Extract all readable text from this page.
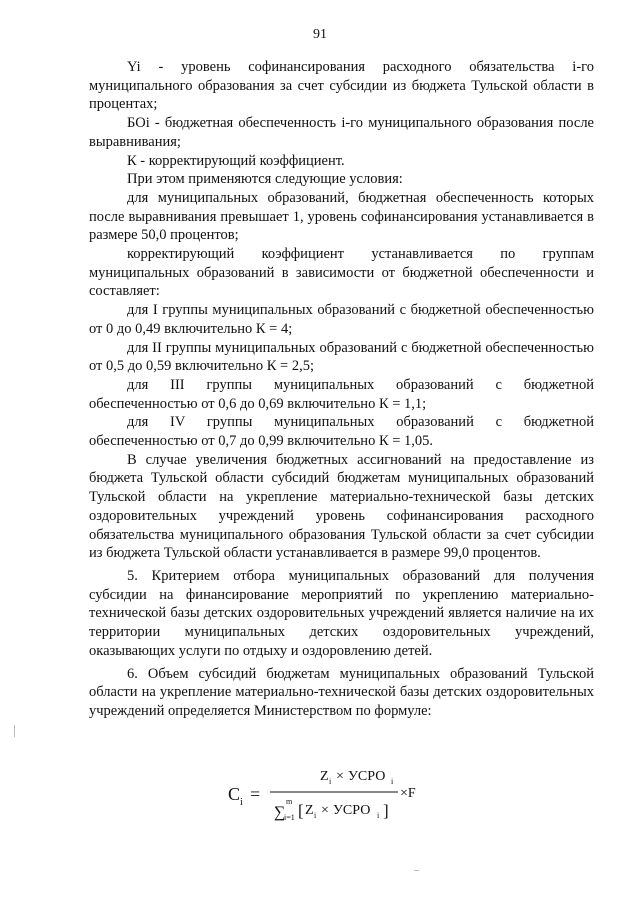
91

Yi - уровень софинансирования расходного обязательства i-го муниципального образования за счет субсидии из бюджета Тульской области в процентах;

БОi - бюджетная обеспеченность i-го муниципального образования после выравнивания;

К - корректирующий коэффициент.

При этом применяются следующие условия:

для муниципальных образований, бюджетная обеспеченность которых после выравнивания превышает 1, уровень софинансирования устанавливается в размере 50,0 процентов;

корректирующий коэффициент устанавливается по группам муниципальных образований в зависимости от бюджетной обеспеченности и составляет:

для I группы муниципальных образований с бюджетной обеспеченностью от 0 до 0,49 включительно К = 4;

для II группы муниципальных образований с бюджетной обеспеченностью от 0,5 до 0,59 включительно К = 2,5;

для III группы муниципальных образований с бюджетной обеспеченностью от 0,6 до 0,69 включительно К = 1,1;

для IV группы муниципальных образований с бюджетной обеспеченностью от 0,7 до 0,99 включительно К = 1,05.

В случае увеличения бюджетных ассигнований на предоставление из бюджета Тульской области субсидий бюджетам муниципальных образований Тульской области на укрепление материально-технической базы детских оздоровительных учреждений уровень софинансирования расходного обязательства муниципального образования Тульской области за счет субсидии из бюджета Тульской области устанавливается в размере 99,0 процентов.

5. Критерием отбора муниципальных образований для получения субсидии на финансирование мероприятий по укреплению материально-технической базы детских оздоровительных учреждений является наличие на их территории муниципальных детских оздоровительных учреждений, оказывающих услуги по отдыху и оздоровлению детей.

6. Объем субсидий бюджетам муниципальных образований Тульской области на укрепление материально-технической базы детских оздоровительных учреждений определяется Министерством по формуле:

C i =
Z i × УСРО i
∑
m
i=1 [ Z i × УСРО i ]
×F
